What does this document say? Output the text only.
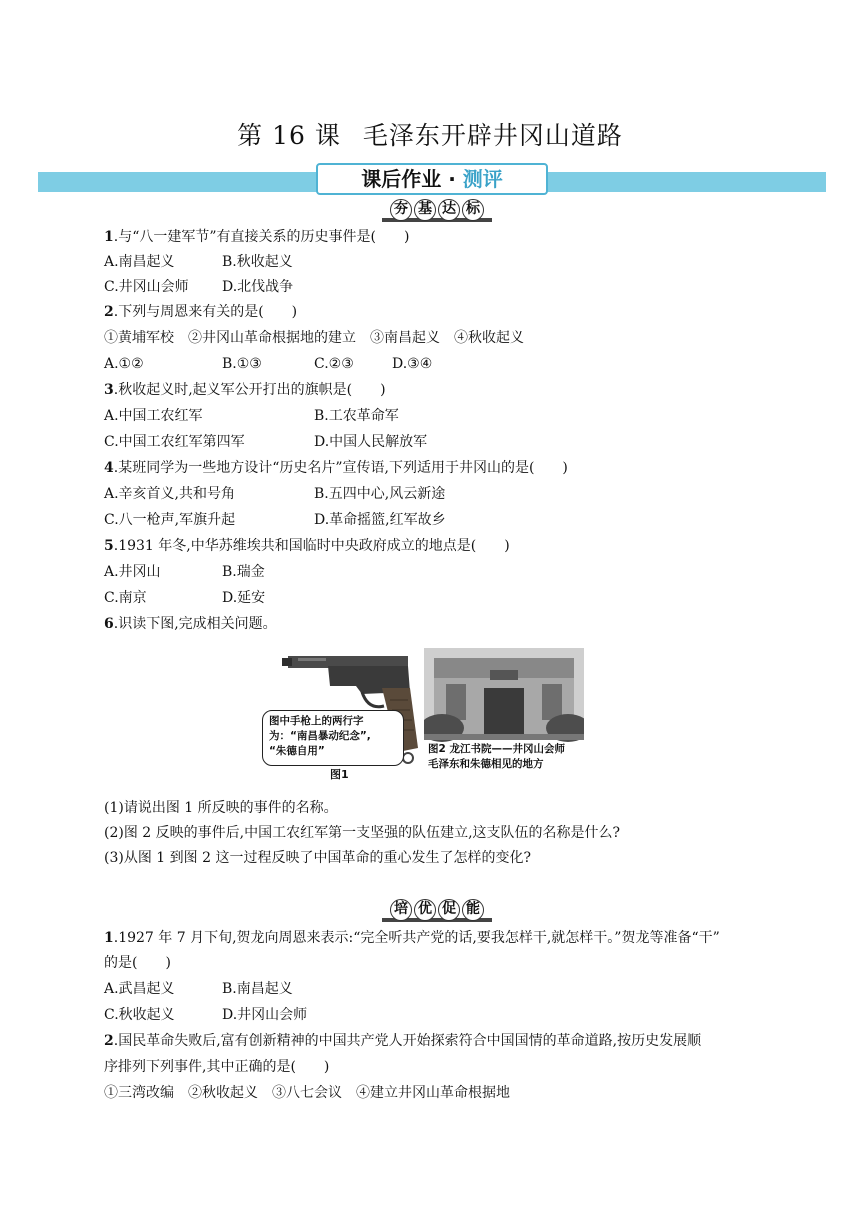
第 16 课 毛泽东开辟井冈山道路
课后作业 · 测评
夯 基 达 标
1.与“八一建军节”有直接关系的历史事件是(　　)
A.南昌起义	B.秋收起义
C.井冈山会师 D.北伐战争
2.下列与周恩来有关的是(　　)
①黄埔军校　②井冈山革命根据地的建立　③南昌起义　④秋收起义
A.①②	B.①③	C.②③	D.③④
3.秋收起义时,起义军公开打出的旗帜是(　　)
A.中国工农红军	B.工农革命军
C.中国工农红军第四军	D.中国人民解放军
4.某班同学为一些地方设计“历史名片”宣传语,下列适用于井冈山的是(　　)
A.辛亥首义,共和号角	B.五四中心,风云新途
C.八一枪声,军旗升起	D.革命摇篮,红军故乡
5.1931 年冬,中华苏维埃共和国临时中央政府成立的地点是(　　)
A.井冈山	B.瑞金
C.南京	D.延安
6.识读下图,完成相关问题。
图中手枪上的两行字
为：“南昌暴动纪念”,
“朱德自用”
图1
图2 龙江书院——井冈山会师
毛泽东和朱德相见的地方
(1)请说出图 1 所反映的事件的名称。
(2)图 2 反映的事件后,中国工农红军第一支坚强的队伍建立,这支队伍的名称是什么?
(3)从图 1 到图 2 这一过程反映了中国革命的重心发生了怎样的变化?
培 优 促 能
1.1927 年 7 月下旬,贺龙向周恩来表示:“完全听共产党的话,要我怎样干,就怎样干。”贺龙等准备“干”
的是(　　)
A.武昌起义	B.南昌起义
C.秋收起义	D.井冈山会师
2.国民革命失败后,富有创新精神的中国共产党人开始探索符合中国国情的革命道路,按历史发展顺
序排列下列事件,其中正确的是(　　)
①三湾改编　②秋收起义　③八七会议　④建立井冈山革命根据地
